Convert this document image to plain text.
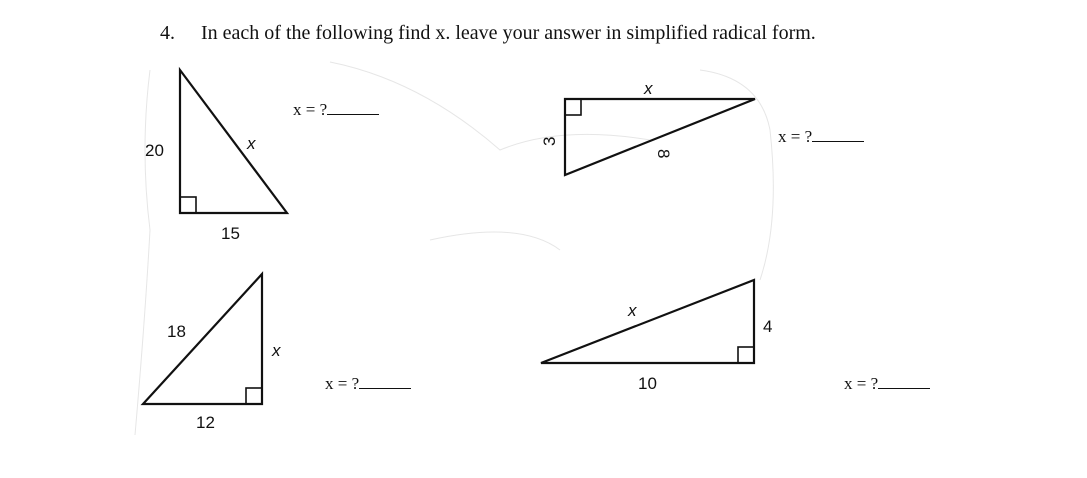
4. In each of the following find x. leave your answer in simplified radical form.
20
15
x	3
x
8
18
12
x
4
10
x
x = ?
x = ?
x = ?	x = ?
